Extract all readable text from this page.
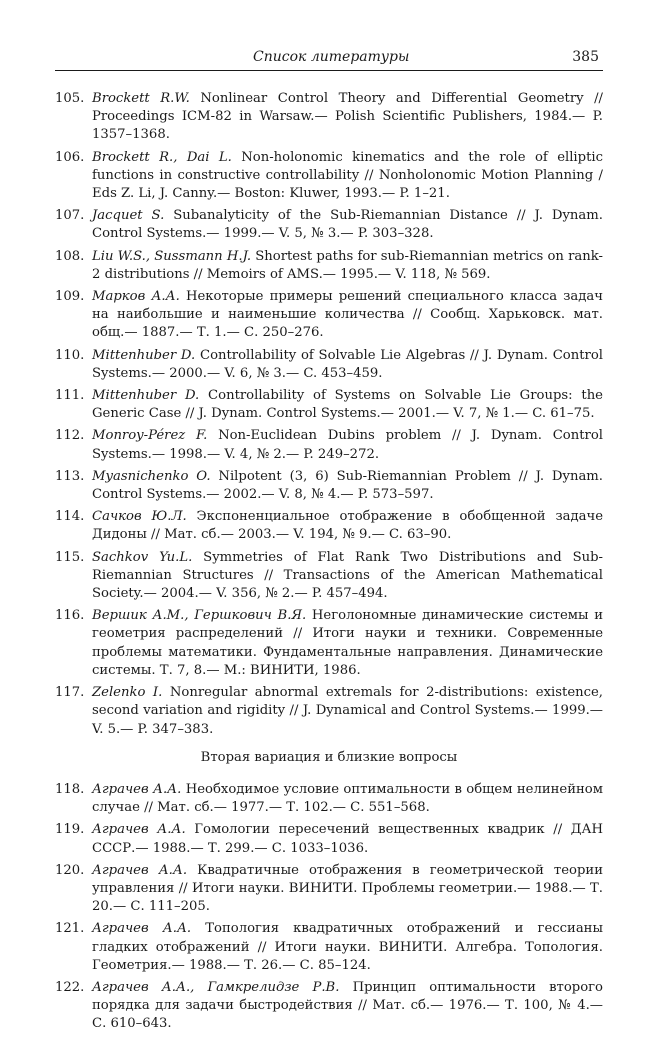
Список литературы	385
105. Brockett R.W. Nonlinear Control Theory and Differential Geometry // Proceedings ICM-82 in Warsaw.— Polish Scientific Publishers, 1984.— P. 1357–1368.
106. Brockett R., Dai L. Non-holonomic kinematics and the role of elliptic functions in constructive controllability // Nonholonomic Motion Planning / Eds Z. Li, J. Canny.— Boston: Kluwer, 1993.— P. 1–21.
107. Jacquet S. Subanalyticity of the Sub-Riemannian Distance // J. Dynam. Control Systems.— 1999.— V. 5, № 3.— P. 303–328.
108. Liu W.S., Sussmann H.J. Shortest paths for sub-Riemannian metrics on rank-2 distributions // Memoirs of AMS.— 1995.— V. 118, № 569.
109. Марков А.А. Некоторые примеры решений специального класса задач на наибольшие и наименьшие количества // Сообщ. Харьковск. мат. общ.— 1887.— Т. 1.— С. 250–276.
110. Mittenhuber D. Controllability of Solvable Lie Algebras // J. Dynam. Control Systems.— 2000.— V. 6, № 3.— C. 453–459.
111. Mittenhuber D. Controllability of Systems on Solvable Lie Groups: the Generic Case // J. Dynam. Control Systems.— 2001.— V. 7, № 1.— C. 61–75.
112. Monroy-Pérez F. Non-Euclidean Dubins problem // J. Dynam. Control Systems.— 1998.— V. 4, № 2.— P. 249–272.
113. Myasnichenko O. Nilpotent (3, 6) Sub-Riemannian Problem // J. Dynam. Control Systems.— 2002.— V. 8, № 4.— P. 573–597.
114. Сачков Ю.Л. Экспоненциальное отображение в обобщенной задаче Дидоны // Мат. сб.— 2003.— V. 194, № 9.— C. 63–90.
115. Sachkov Yu.L. Symmetries of Flat Rank Two Distributions and Sub-Riemannian Structures // Transactions of the American Mathematical Society.— 2004.— V. 356, № 2.— P. 457–494.
116. Вершик А.М., Гершкович В.Я. Неголономные динамические системы и геометрия распределений // Итоги науки и техники. Современные проблемы математики. Фундаментальные направления. Динамические системы. Т. 7, 8.— М.: ВИНИТИ, 1986.
117. Zelenko I. Nonregular abnormal extremals for 2-distributions: existence, second variation and rigidity // J. Dynamical and Control Systems.— 1999.— V. 5.— P. 347–383.
Вторая вариация и близкие вопросы
118. Аграчев А.А. Необходимое условие оптимальности в общем нелинейном случае // Мат. сб.— 1977.— Т. 102.— С. 551–568.
119. Аграчев А.А. Гомологии пересечений вещественных квадрик // ДАН СССР.— 1988.— Т. 299.— С. 1033–1036.
120. Аграчев А.А. Квадратичные отображения в геометрической теории управления // Итоги науки. ВИНИТИ. Проблемы геометрии.— 1988.— Т. 20.— С. 111–205.
121. Аграчев А.А. Топология квадратичных отображений и гессианы гладких отображений // Итоги науки. ВИНИТИ. Алгебра. Топология. Геометрия.— 1988.— Т. 26.— С. 85–124.
122. Аграчев А.А., Гамкрелидзе Р.В. Принцип оптимальности второго порядка для задачи быстродействия // Мат. сб.— 1976.— Т. 100, № 4.— С. 610–643.
